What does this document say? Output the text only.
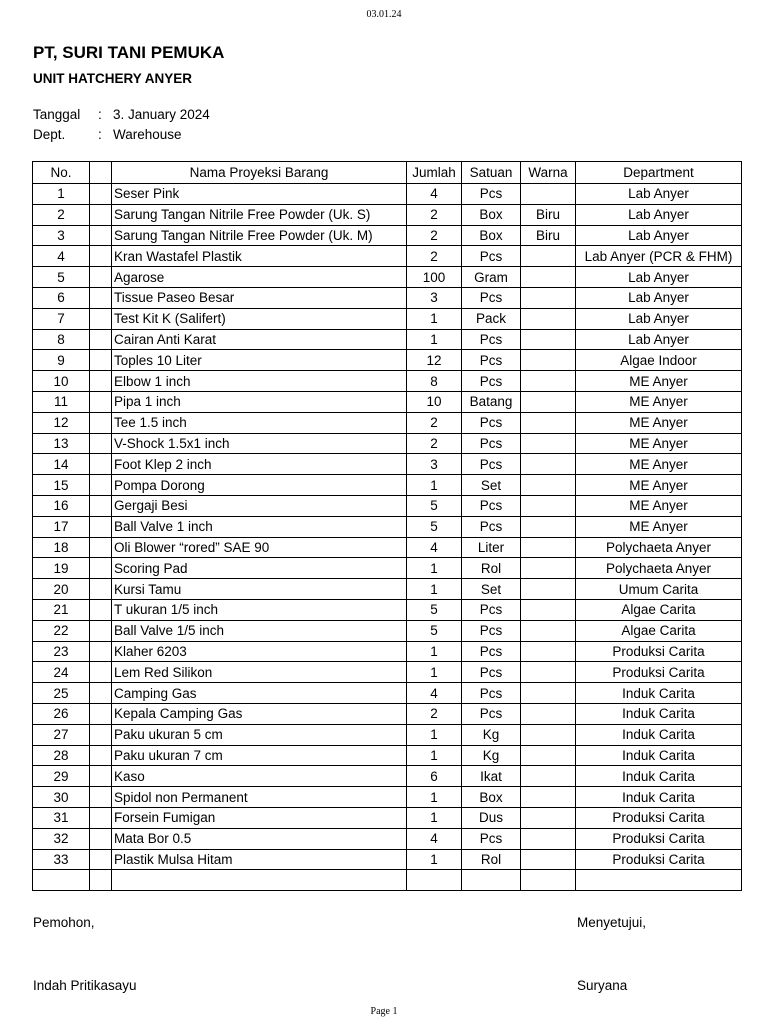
03.01.24
PT, SURI TANI PEMUKA
UNIT HATCHERY ANYER
Tanggal : 3. January 2024
Dept. : Warehouse
No.		Nama Proyeksi Barang	Jumlah	Satuan	Warna	Department
1		Seser Pink	4	Pcs		Lab Anyer
2		Sarung Tangan Nitrile Free Powder (Uk. S)	2	Box	Biru	Lab Anyer
3		Sarung Tangan Nitrile Free Powder (Uk. M)	2	Box	Biru	Lab Anyer
4		Kran Wastafel Plastik	2	Pcs		Lab Anyer (PCR & FHM)
5		Agarose	100	Gram		Lab Anyer
6		Tissue Paseo Besar	3	Pcs		Lab Anyer
7		Test Kit K (Salifert)	1	Pack		Lab Anyer
8		Cairan Anti Karat	1	Pcs		Lab Anyer
9		Toples 10 Liter	12	Pcs		Algae Indoor
10		Elbow 1 inch	8	Pcs		ME Anyer
11		Pipa 1 inch	10	Batang		ME Anyer
12		Tee 1.5 inch	2	Pcs		ME Anyer
13		V-Shock 1.5x1 inch	2	Pcs		ME Anyer
14		Foot Klep 2 inch	3	Pcs		ME Anyer
15		Pompa Dorong	1	Set		ME Anyer
16		Gergaji Besi	5	Pcs		ME Anyer
17		Ball Valve 1 inch	5	Pcs		ME Anyer
18		Oli Blower “rored” SAE 90	4	Liter		Polychaeta Anyer
19		Scoring Pad	1	Rol		Polychaeta Anyer
20		Kursi Tamu	1	Set		Umum Carita
21		T ukuran 1/5 inch	5	Pcs		Algae Carita
22		Ball Valve 1/5 inch	5	Pcs		Algae Carita
23		Klaher 6203	1	Pcs		Produksi Carita
24		Lem Red Silikon	1	Pcs		Produksi Carita
25		Camping Gas	4	Pcs		Induk Carita
26		Kepala Camping Gas	2	Pcs		Induk Carita
27		Paku ukuran 5 cm	1	Kg		Induk Carita
28		Paku ukuran 7 cm	1	Kg		Induk Carita
29		Kaso	6	Ikat		Induk Carita
30		Spidol non Permanent	1	Box		Induk Carita
31		Forsein Fumigan	1	Dus		Produksi Carita
32		Mata Bor 0.5	4	Pcs		Produksi Carita
33		Plastik Mulsa Hitam	1	Rol		Produksi Carita

Pemohon,	Menyetujui,
Indah Pritikasayu	Suryana
Page 1
